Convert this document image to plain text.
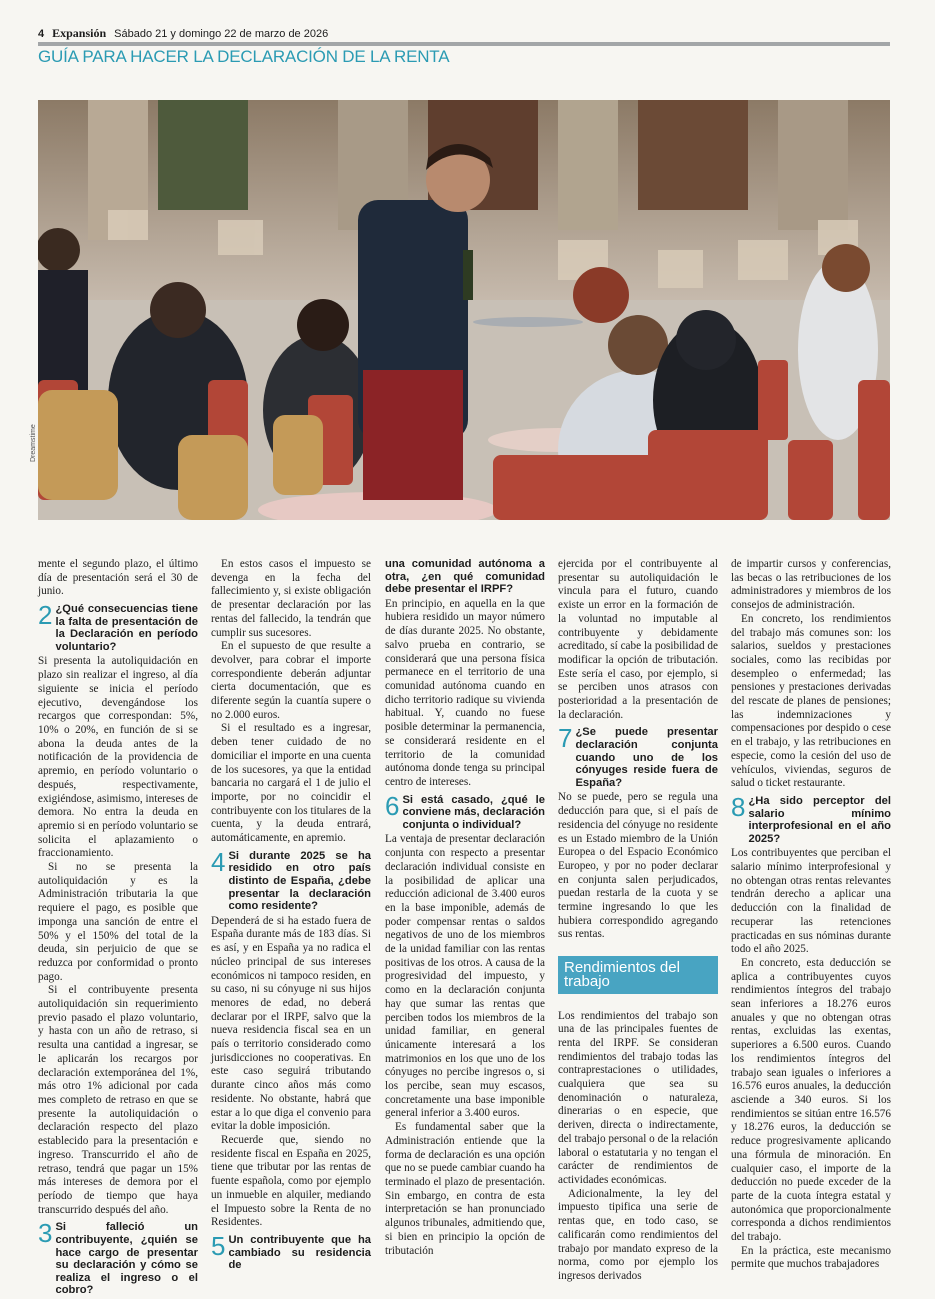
4 Expansión Sábado 21 y domingo 22 de marzo de 2026
GUÍA PARA HACER LA DECLARACIÓN DE LA RENTA
Dreamstime

mente el segundo plazo, el último día de presentación será el 30 de junio.

2 ¿Qué consecuencias tiene la falta de presentación de la Declaración en período voluntario?

Si presenta la autoliquidación en plazo sin realizar el ingreso, al día siguiente se inicia el período ejecutivo, devengándose los recargos que correspondan: 5%, 10% o 20%, en función de si se abona la deuda antes de la notificación de la providencia de apremio, en período voluntario o después, respectivamente, exigiéndose, asimismo, intereses de demora. No entra la deuda en apremio si en período voluntario se solicita el aplazamiento o fraccionamiento.

Si no se presenta la autoliquidación y es la Administración tributaria la que requiere el pago, es posible que imponga una sanción de entre el 50% y el 150% del total de la deuda, sin perjuicio de que se reduzca por conformidad o pronto pago.

Si el contribuyente presenta autoliquidación sin requerimiento previo pasado el plazo voluntario, y hasta con un año de retraso, si resulta una cantidad a ingresar, se le aplicarán los recargos por declaración extemporánea del 1%, más otro 1% adicional por cada mes completo de retraso en que se presente la autoliquidación o declaración respecto del plazo establecido para la presentación e ingreso. Transcurrido el año de retraso, tendrá que pagar un 15% más intereses de demora por el período de tiempo que haya transcurrido después del año.

3 Si falleció un contribuyente, ¿quién se hace cargo de presentar su declaración y cómo se realiza el ingreso o el cobro?

En estos casos el impuesto se devenga en la fecha del fallecimiento y, si existe obligación de presentar declaración por las rentas del fallecido, la tendrán que cumplir sus sucesores.

En el supuesto de que resulte a devolver, para cobrar el importe correspondiente deberán adjuntar cierta documentación, que es diferente según la cuantía supere o no 2.000 euros.

Si el resultado es a ingresar, deben tener cuidado de no domiciliar el importe en una cuenta de los sucesores, ya que la entidad bancaria no cargará el 1 de julio el importe, por no coincidir el contribuyente con los titulares de la cuenta, y la deuda entrará, automáticamente, en apremio.

4 Si durante 2025 se ha residido en otro país distinto de España, ¿debe presentar la declaración como residente?

Dependerá de si ha estado fuera de España durante más de 183 días. Si es así, y en España ya no radica el núcleo principal de sus intereses económicos ni tampoco residen, en su caso, ni su cónyuge ni sus hijos menores de edad, no deberá declarar por el IRPF, salvo que la nueva residencia fiscal sea en un país o territorio considerado como jurisdicciones no cooperativas. En este caso seguirá tributando durante cinco años más como residente. No obstante, habrá que estar a lo que diga el convenio para evitar la doble imposición.

Recuerde que, siendo no residente fiscal en España en 2025, tiene que tributar por las rentas de fuente española, como por ejemplo un inmueble en alquiler, mediando el Impuesto sobre la Renta de no Residentes.

5 Un contribuyente que ha cambiado su residencia de
una comunidad autónoma a otra, ¿en qué comunidad debe presentar el IRPF?

En principio, en aquella en la que hubiera residido un mayor número de días durante 2025. No obstante, salvo prueba en contrario, se considerará que una persona física permanece en el territorio de una comunidad autónoma cuando en dicho territorio radique su vivienda habitual. Y, cuando no fuese posible determinar la permanencia, se considerará residente en el territorio de la comunidad autónoma donde tenga su principal centro de intereses.

6 Si está casado, ¿qué le conviene más, declaración conjunta o individual?

La ventaja de presentar declaración conjunta con respecto a presentar declaración individual consiste en la posibilidad de aplicar una reducción adicional de 3.400 euros en la base imponible, además de poder compensar rentas o saldos negativos de uno de los miembros de la unidad familiar con las rentas positivas de los otros. A causa de la progresividad del impuesto, y como en la declaración conjunta hay que sumar las rentas que perciben todos los miembros de la unidad familiar, en general únicamente interesará a los matrimonios en los que uno de los cónyuges no percibe ingresos o, si los percibe, sean muy escasos, concretamente una base imponible general inferior a 3.400 euros.

Es fundamental saber que la Administración entiende que la forma de declaración es una opción que no se puede cambiar cuando ha terminado el plazo de presentación. Sin embargo, en contra de esta interpretación se han pronunciado algunos tribunales, admitiendo que, si bien en principio la opción de tributación

ejercida por el contribuyente al presentar su autoliquidación le vincula para el futuro, cuando existe un error en la formación de la voluntad no imputable al contribuyente y debidamente acreditado, sí cabe la posibilidad de modificar la opción de tributación. Este sería el caso, por ejemplo, si se perciben unos atrasos con posterioridad a la presentación de la declaración.

7 ¿Se puede presentar declaración conjunta cuando uno de los cónyuges reside fuera de España?

No se puede, pero se regula una deducción para que, si el país de residencia del cónyuge no residente es un Estado miembro de la Unión Europea o del Espacio Económico Europeo, y por no poder declarar en conjunta salen perjudicados, puedan restarla de la cuota y se termine ingresando lo que les hubiera correspondido agregando sus rentas.

Rendimientos del trabajo

Los rendimientos del trabajo son una de las principales fuentes de renta del IRPF. Se consideran rendimientos del trabajo todas las contraprestaciones o utilidades, cualquiera que sea su denominación o naturaleza, dinerarias o en especie, que deriven, directa o indirectamente, del trabajo personal o de la relación laboral o estatutaria y no tengan el carácter de rendimientos de actividades económicas.

Adicionalmente, la ley del impuesto tipifica una serie de rentas que, en todo caso, se calificarán como rendimientos del trabajo por mandato expreso de la norma, como por ejemplo los ingresos derivados

de impartir cursos y conferencias, las becas o las retribuciones de los administradores y miembros de los consejos de administración.

En concreto, los rendimientos del trabajo más comunes son: los salarios, sueldos y prestaciones sociales, como las recibidas por desempleo o enfermedad; las pensiones y prestaciones derivadas del rescate de planes de pensiones; las indemnizaciones y compensaciones por despido o cese en el trabajo, y las retribuciones en especie, como la cesión del uso de vehículos, viviendas, seguros de salud o ticket restaurante.

8 ¿Ha sido perceptor del salario mínimo interprofesional en el año 2025?

Los contribuyentes que perciban el salario mínimo interprofesional y no obtengan otras rentas relevantes tendrán derecho a aplicar una deducción con la finalidad de recuperar las retenciones practicadas en sus nóminas durante todo el año 2025.

En concreto, esta deducción se aplica a contribuyentes cuyos rendimientos íntegros del trabajo sean inferiores a 18.276 euros anuales y que no obtengan otras rentas, excluidas las exentas, superiores a 6.500 euros. Cuando los rendimientos íntegros del trabajo sean iguales o inferiores a 16.576 euros anuales, la deducción asciende a 340 euros. Si los rendimientos se sitúan entre 16.576 y 18.276 euros, la deducción se reduce progresivamente aplicando una fórmula de minoración. En cualquier caso, el importe de la deducción no puede exceder de la parte de la cuota íntegra estatal y autonómica que proporcionalmente corresponda a dichos rendimientos del trabajo.

En la práctica, este mecanismo permite que muchos trabajadores
